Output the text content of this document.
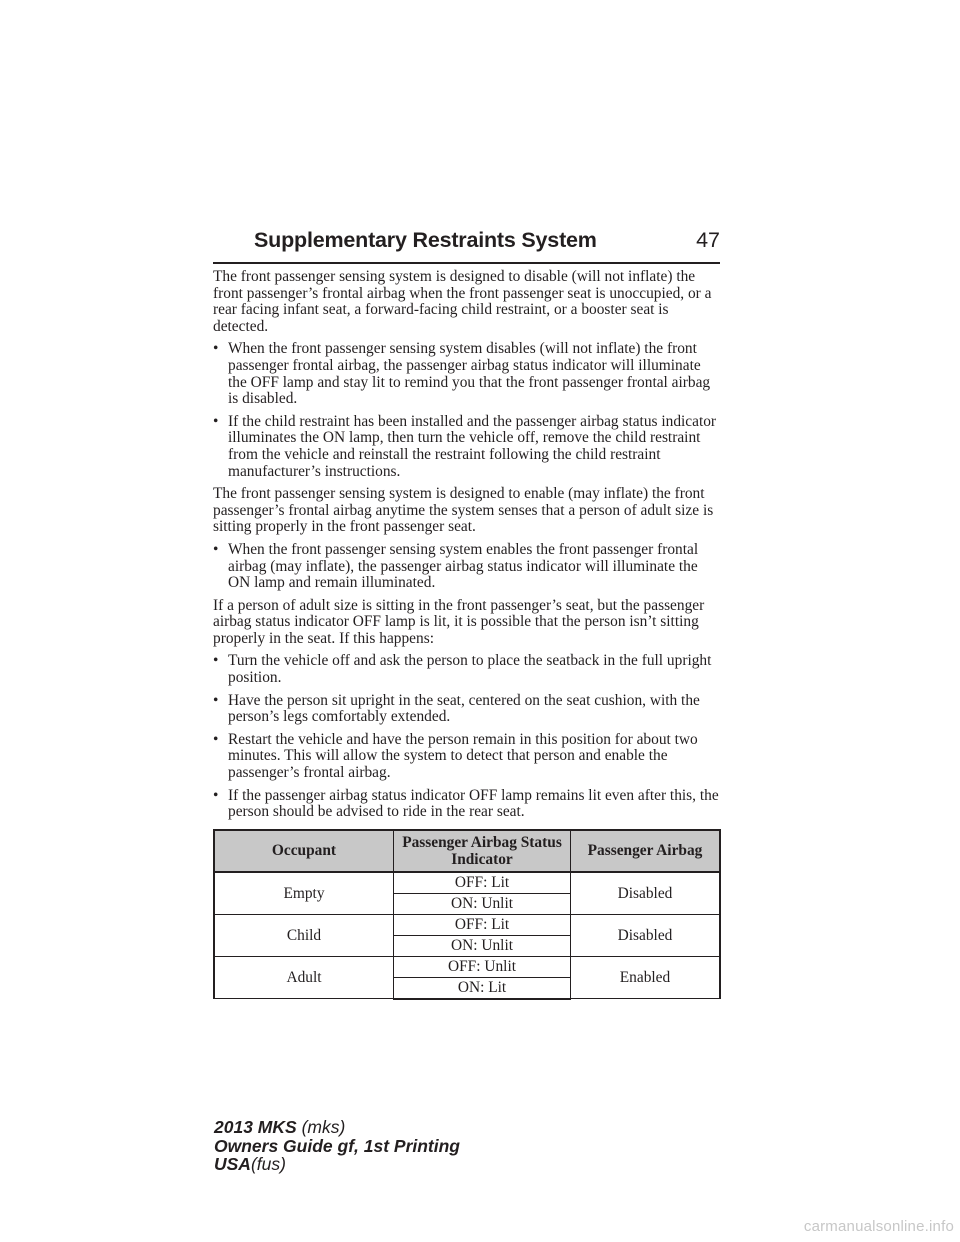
Supplementary Restraints System	47
The front passenger sensing system is designed to disable (will not inflate) the front passenger’s frontal airbag when the front passenger seat is unoccupied, or a rear facing infant seat, a forward-facing child restraint, or a booster seat is detected.
• When the front passenger sensing system disables (will not inflate) the front passenger frontal airbag, the passenger airbag status indicator will illuminate the OFF lamp and stay lit to remind you that the front passenger frontal airbag is disabled.
• If the child restraint has been installed and the passenger airbag status indicator illuminates the ON lamp, then turn the vehicle off, remove the child restraint from the vehicle and reinstall the restraint following the child restraint manufacturer’s instructions.
The front passenger sensing system is designed to enable (may inflate) the front passenger’s frontal airbag anytime the system senses that a person of adult size is sitting properly in the front passenger seat.
• When the front passenger sensing system enables the front passenger frontal airbag (may inflate), the passenger airbag status indicator will illuminate the ON lamp and remain illuminated.
If a person of adult size is sitting in the front passenger’s seat, but the passenger airbag status indicator OFF lamp is lit, it is possible that the person isn’t sitting properly in the seat. If this happens:
• Turn the vehicle off and ask the person to place the seatback in the full upright position.
• Have the person sit upright in the seat, centered on the seat cushion, with the person’s legs comfortably extended.
• Restart the vehicle and have the person remain in this position for about two minutes. This will allow the system to detect that person and enable the passenger’s frontal airbag.
• If the passenger airbag status indicator OFF lamp remains lit even after this, the person should be advised to ride in the rear seat.
Occupant	Passenger Airbag Status Indicator	Passenger Airbag
Empty	OFF: Lit	Disabled
	ON: Unlit	
Child	OFF: Lit	Disabled
	ON: Unlit	
Adult	OFF: Unlit	Enabled
	ON: Lit	
2013 MKS (mks)
Owners Guide gf, 1st Printing
USA(fus)
carmanualsonline.info
